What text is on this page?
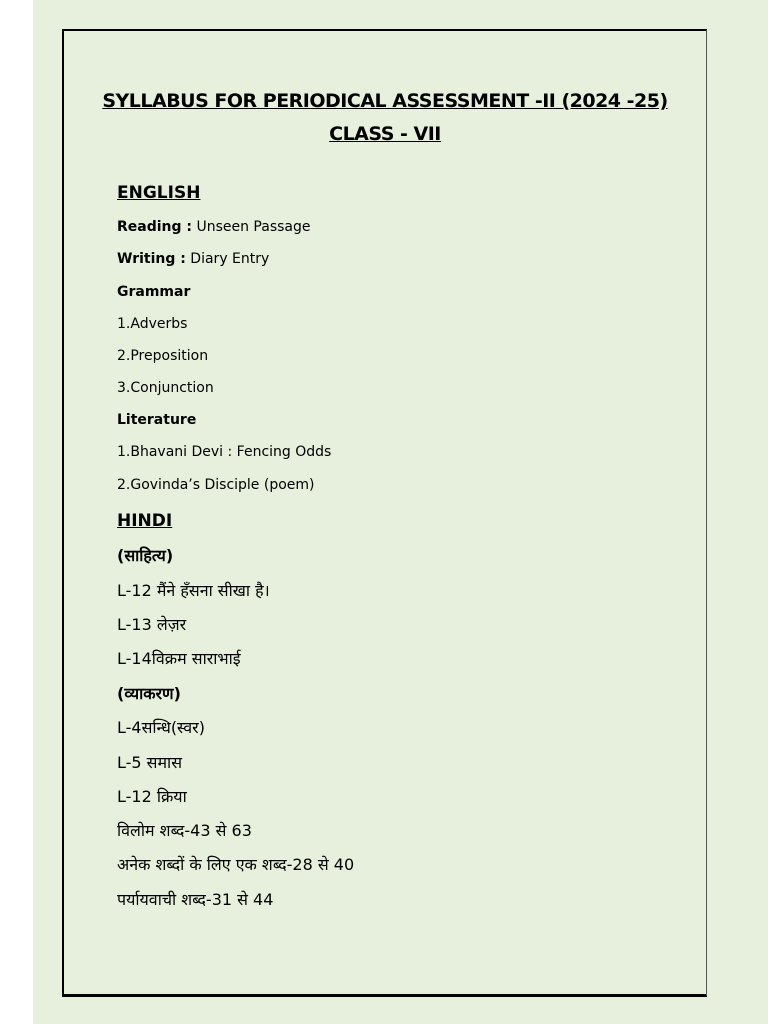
SYLLABUS FOR PERIODICAL ASSESSMENT -II (2024 -25)
CLASS - VII
ENGLISH
Reading : Unseen Passage
Writing : Diary Entry
Grammar
1.Adverbs
2.Preposition
3.Conjunction
Literature
1.Bhavani Devi : Fencing Odds
2.Govinda’s Disciple (poem)
HINDI
(साहित्य)
L-12 मैंने हँसना सीखा है।
L-13 लेज़र
L-14विक्रम साराभाई
(व्याकरण)
L-4सन्धि(स्वर)
L-5 समास
L-12 क्रिया
विलोम शब्द-43 से 63
अनेक शब्दों के लिए एक शब्द-28 से 40
पर्यायवाची शब्द-31 से 44
